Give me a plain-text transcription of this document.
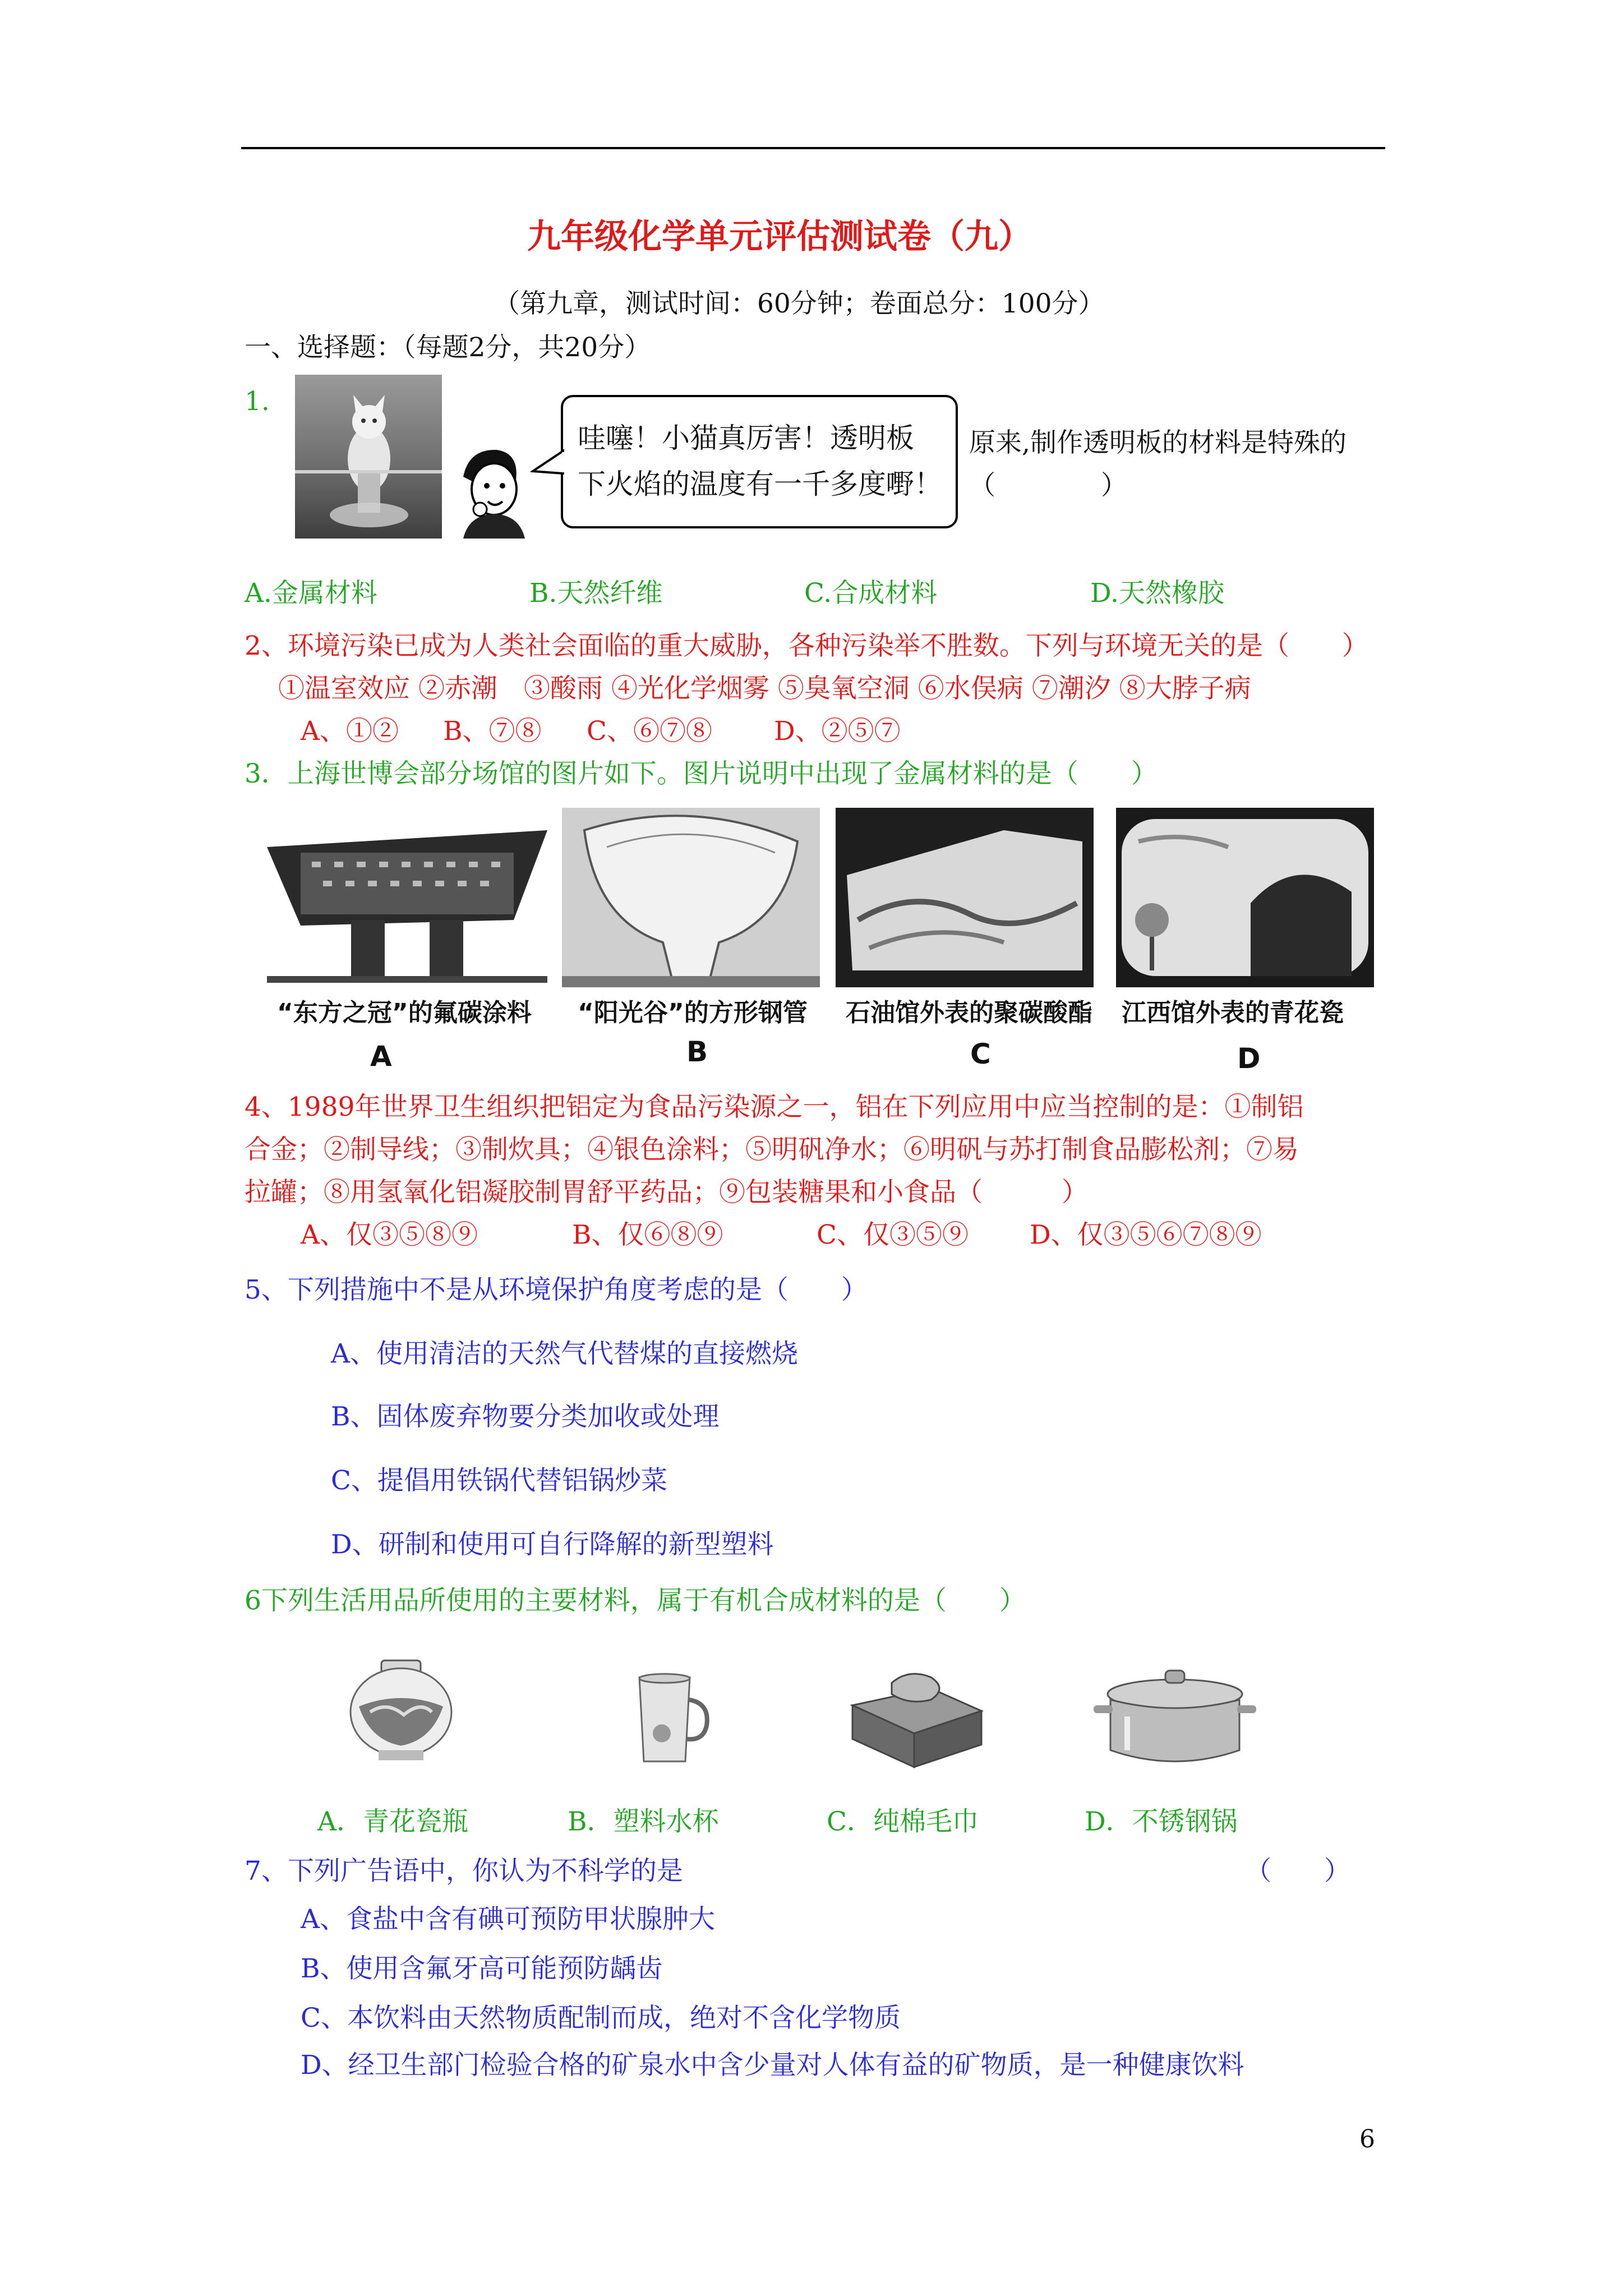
九年级化学单元评估测试卷（九）
（第九章，测试时间：60分钟；卷面总分：100分）
一、选择题：（每题2分，共20分）
1.
哇噻！小猫真厉害！透明板
下火焰的温度有一千多度嘢！
原来,制作透明板的材料是特殊的
（　　　　）
A.金属材料	B.天然纤维	C.合成材料	D.天然橡胶
2、环境污染已成为人类社会面临的重大威胁，各种污染举不胜数。下列与环境无关的是（　　）
①温室效应 ②赤潮　③酸雨 ④光化学烟雾 ⑤臭氧空洞 ⑥水俣病 ⑦潮汐 ⑧大脖子病
A、①② B、⑦⑧ C、⑥⑦⑧ D、②⑤⑦
3．上海世博会部分场馆的图片如下。图片说明中出现了金属材料的是（　　）
“东方之冠”的氟碳涂料 “阳光谷”的方形钢管 石油馆外表的聚碳酸酯 江西馆外表的青花瓷
A	B	C	D
4、1989年世界卫生组织把铝定为食品污染源之一，铝在下列应用中应当控制的是：①制铝
合金；②制导线；③制炊具；④银色涂料；⑤明矾净水；⑥明矾与苏打制食品膨松剂；⑦易
拉罐；⑧用氢氧化铝凝胶制胃舒平药品；⑨包装糖果和小食品（　　　）
A、仅③⑤⑧⑨	B、仅⑥⑧⑨	C、仅③⑤⑨ D、仅③⑤⑥⑦⑧⑨
5、下列措施中不是从环境保护角度考虑的是（　　）
A、使用清洁的天然气代替煤的直接燃烧
B、固体废弃物要分类加收或处理
C、提倡用铁锅代替铝锅炒菜
D、研制和使用可自行降解的新型塑料
6下列生活用品所使用的主要材料，属于有机合成材料的是（　　）
A．青花瓷瓶	B．塑料水杯	C．纯棉毛巾	D．不锈钢锅
7、下列广告语中，你认为不科学的是	（　　）
A、食盐中含有碘可预防甲状腺肿大
B、使用含氟牙高可能预防龋齿
C、本饮料由天然物质配制而成，绝对不含化学物质
D、经卫生部门检验合格的矿泉水中含少量对人体有益的矿物质，是一种健康饮料
6
